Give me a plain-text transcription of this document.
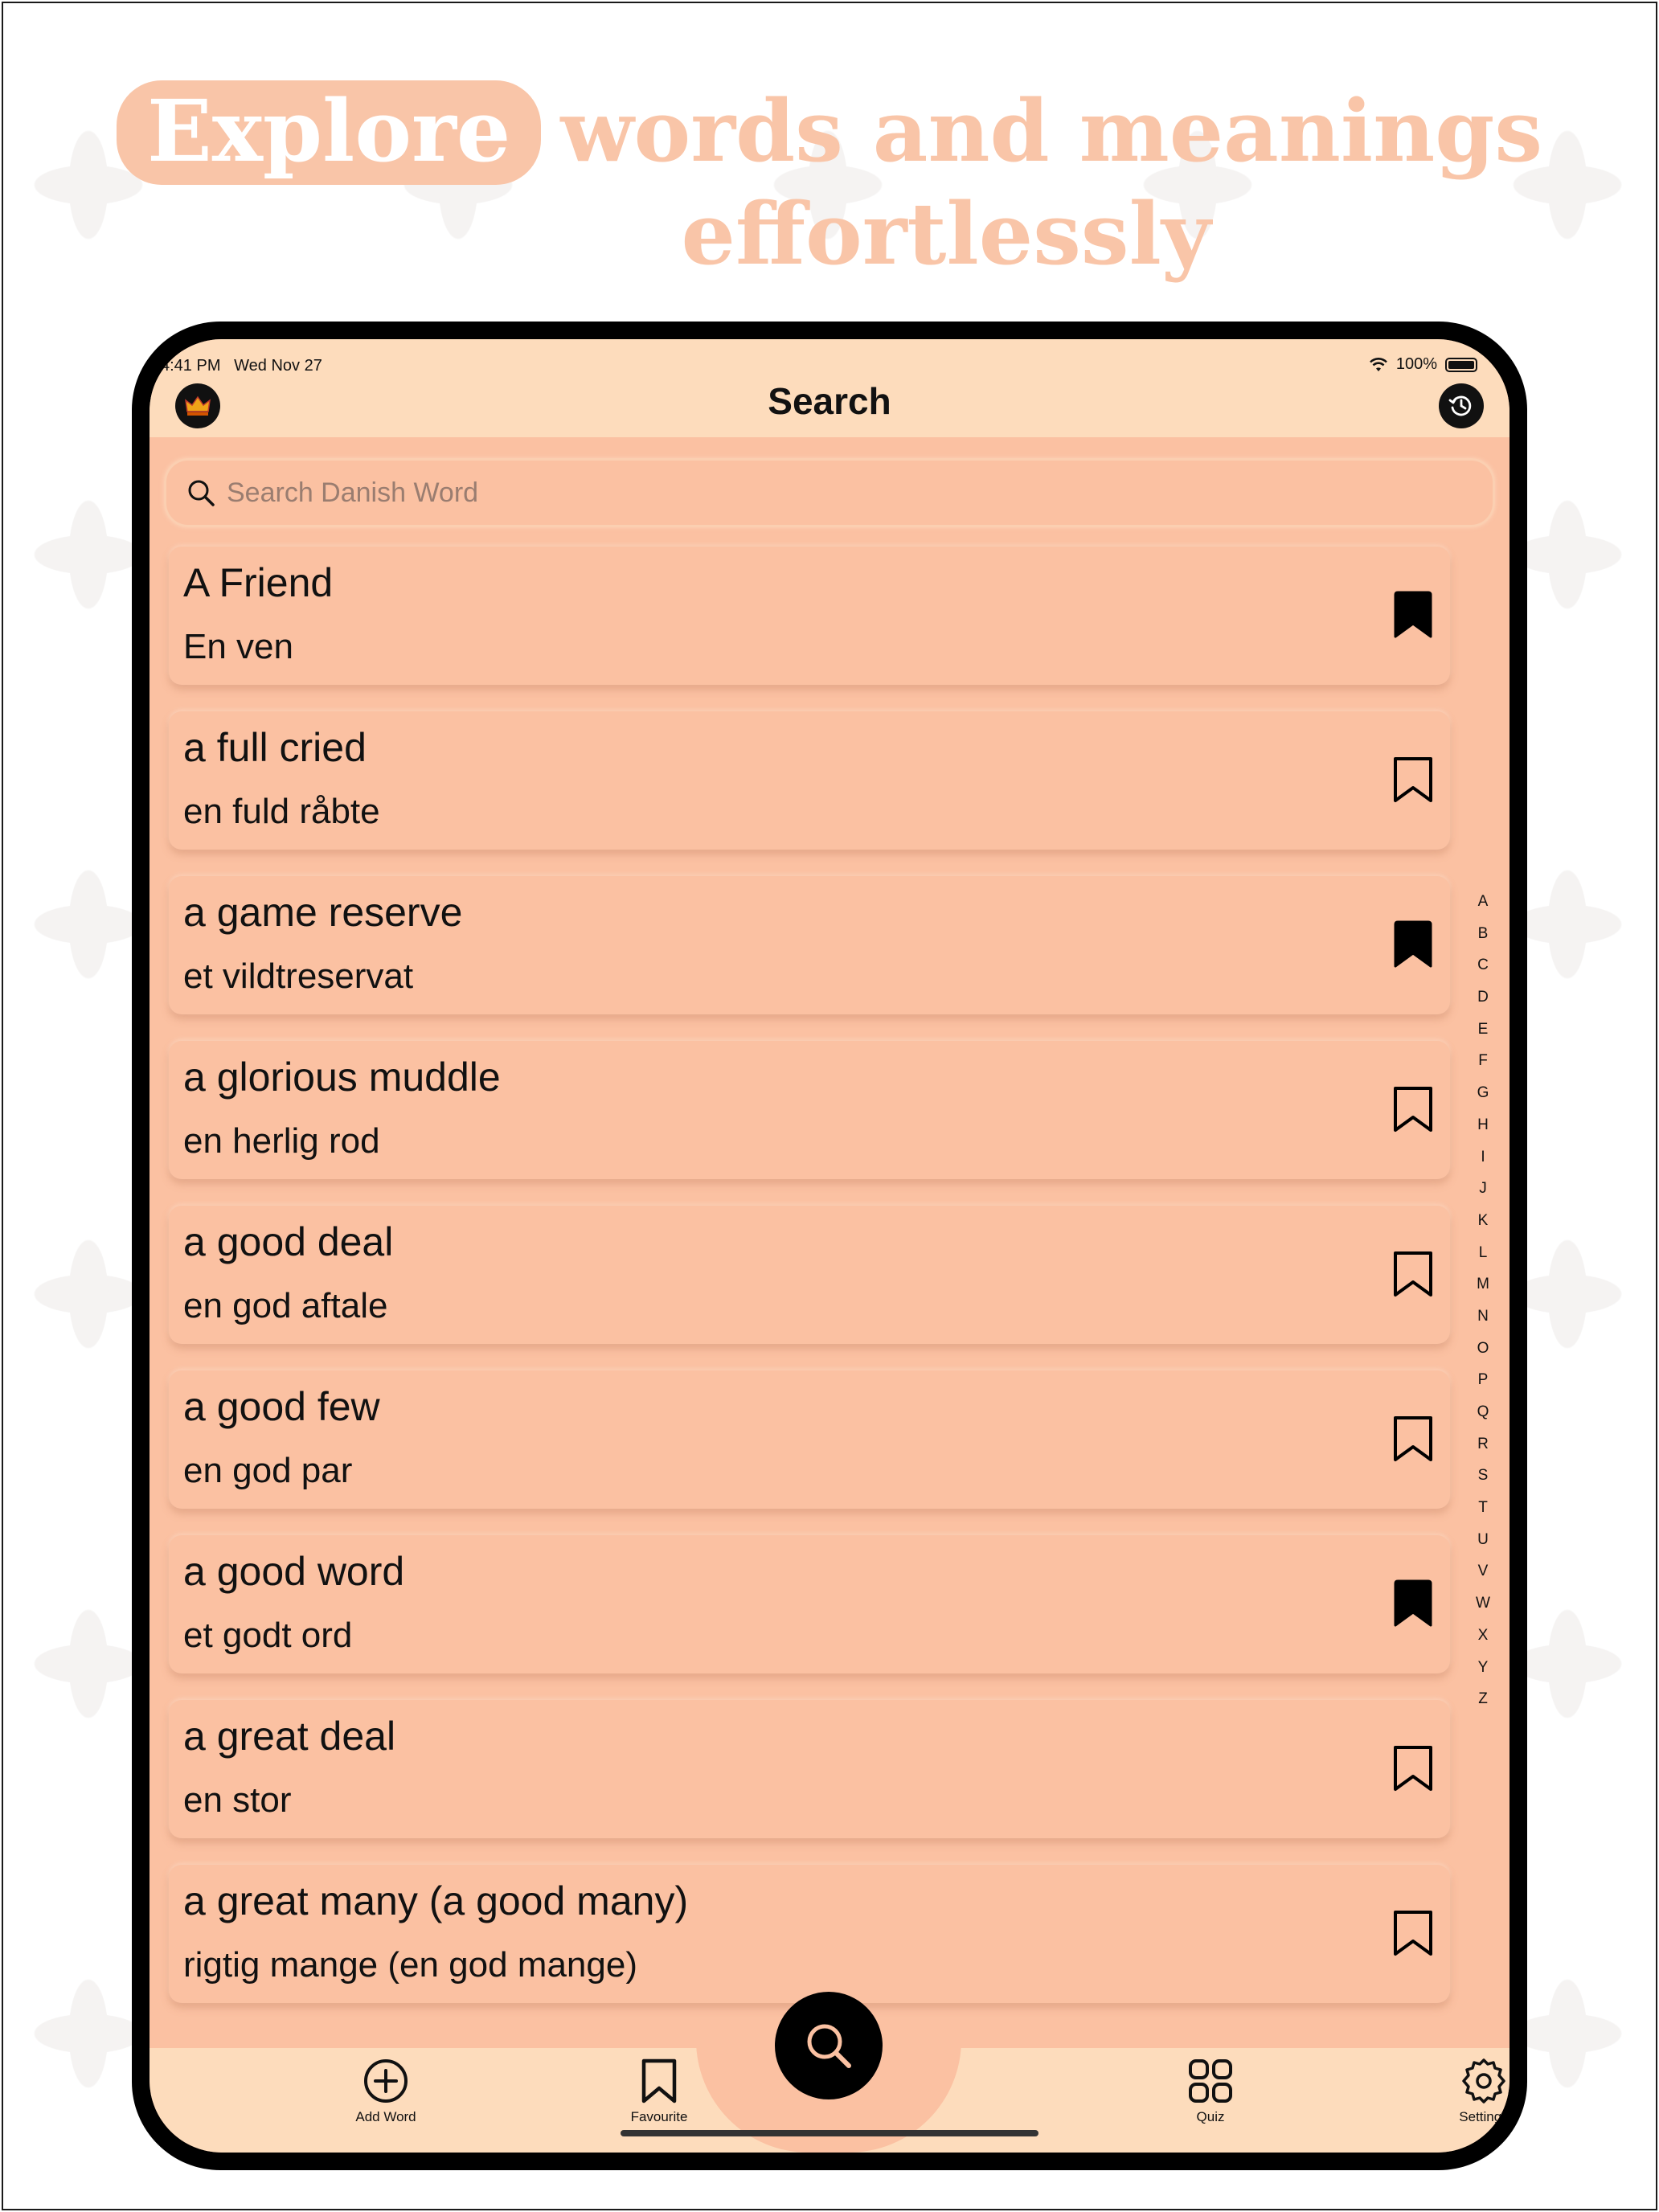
Explore words and meanings
effortlessly
4:41 PM Wed Nov 27	100%
Search
Search Danish Word
A Friend
En ven
a full cried
en fuld råbte
a game reserve
et vildtreservat
a glorious muddle
en herlig rod
a good deal
en god aftale
a good few
en god par
a good word
et godt ord
a great deal
en stor
a great many (a good many)
rigtig mange (en god mange)
A
B
C
D
E
F
G
H
I
J
K
L
M
N
O
P
Q
R
S
T
U
V
W
X
Y
Z
Add Word	Favourite	Quiz	Settings
